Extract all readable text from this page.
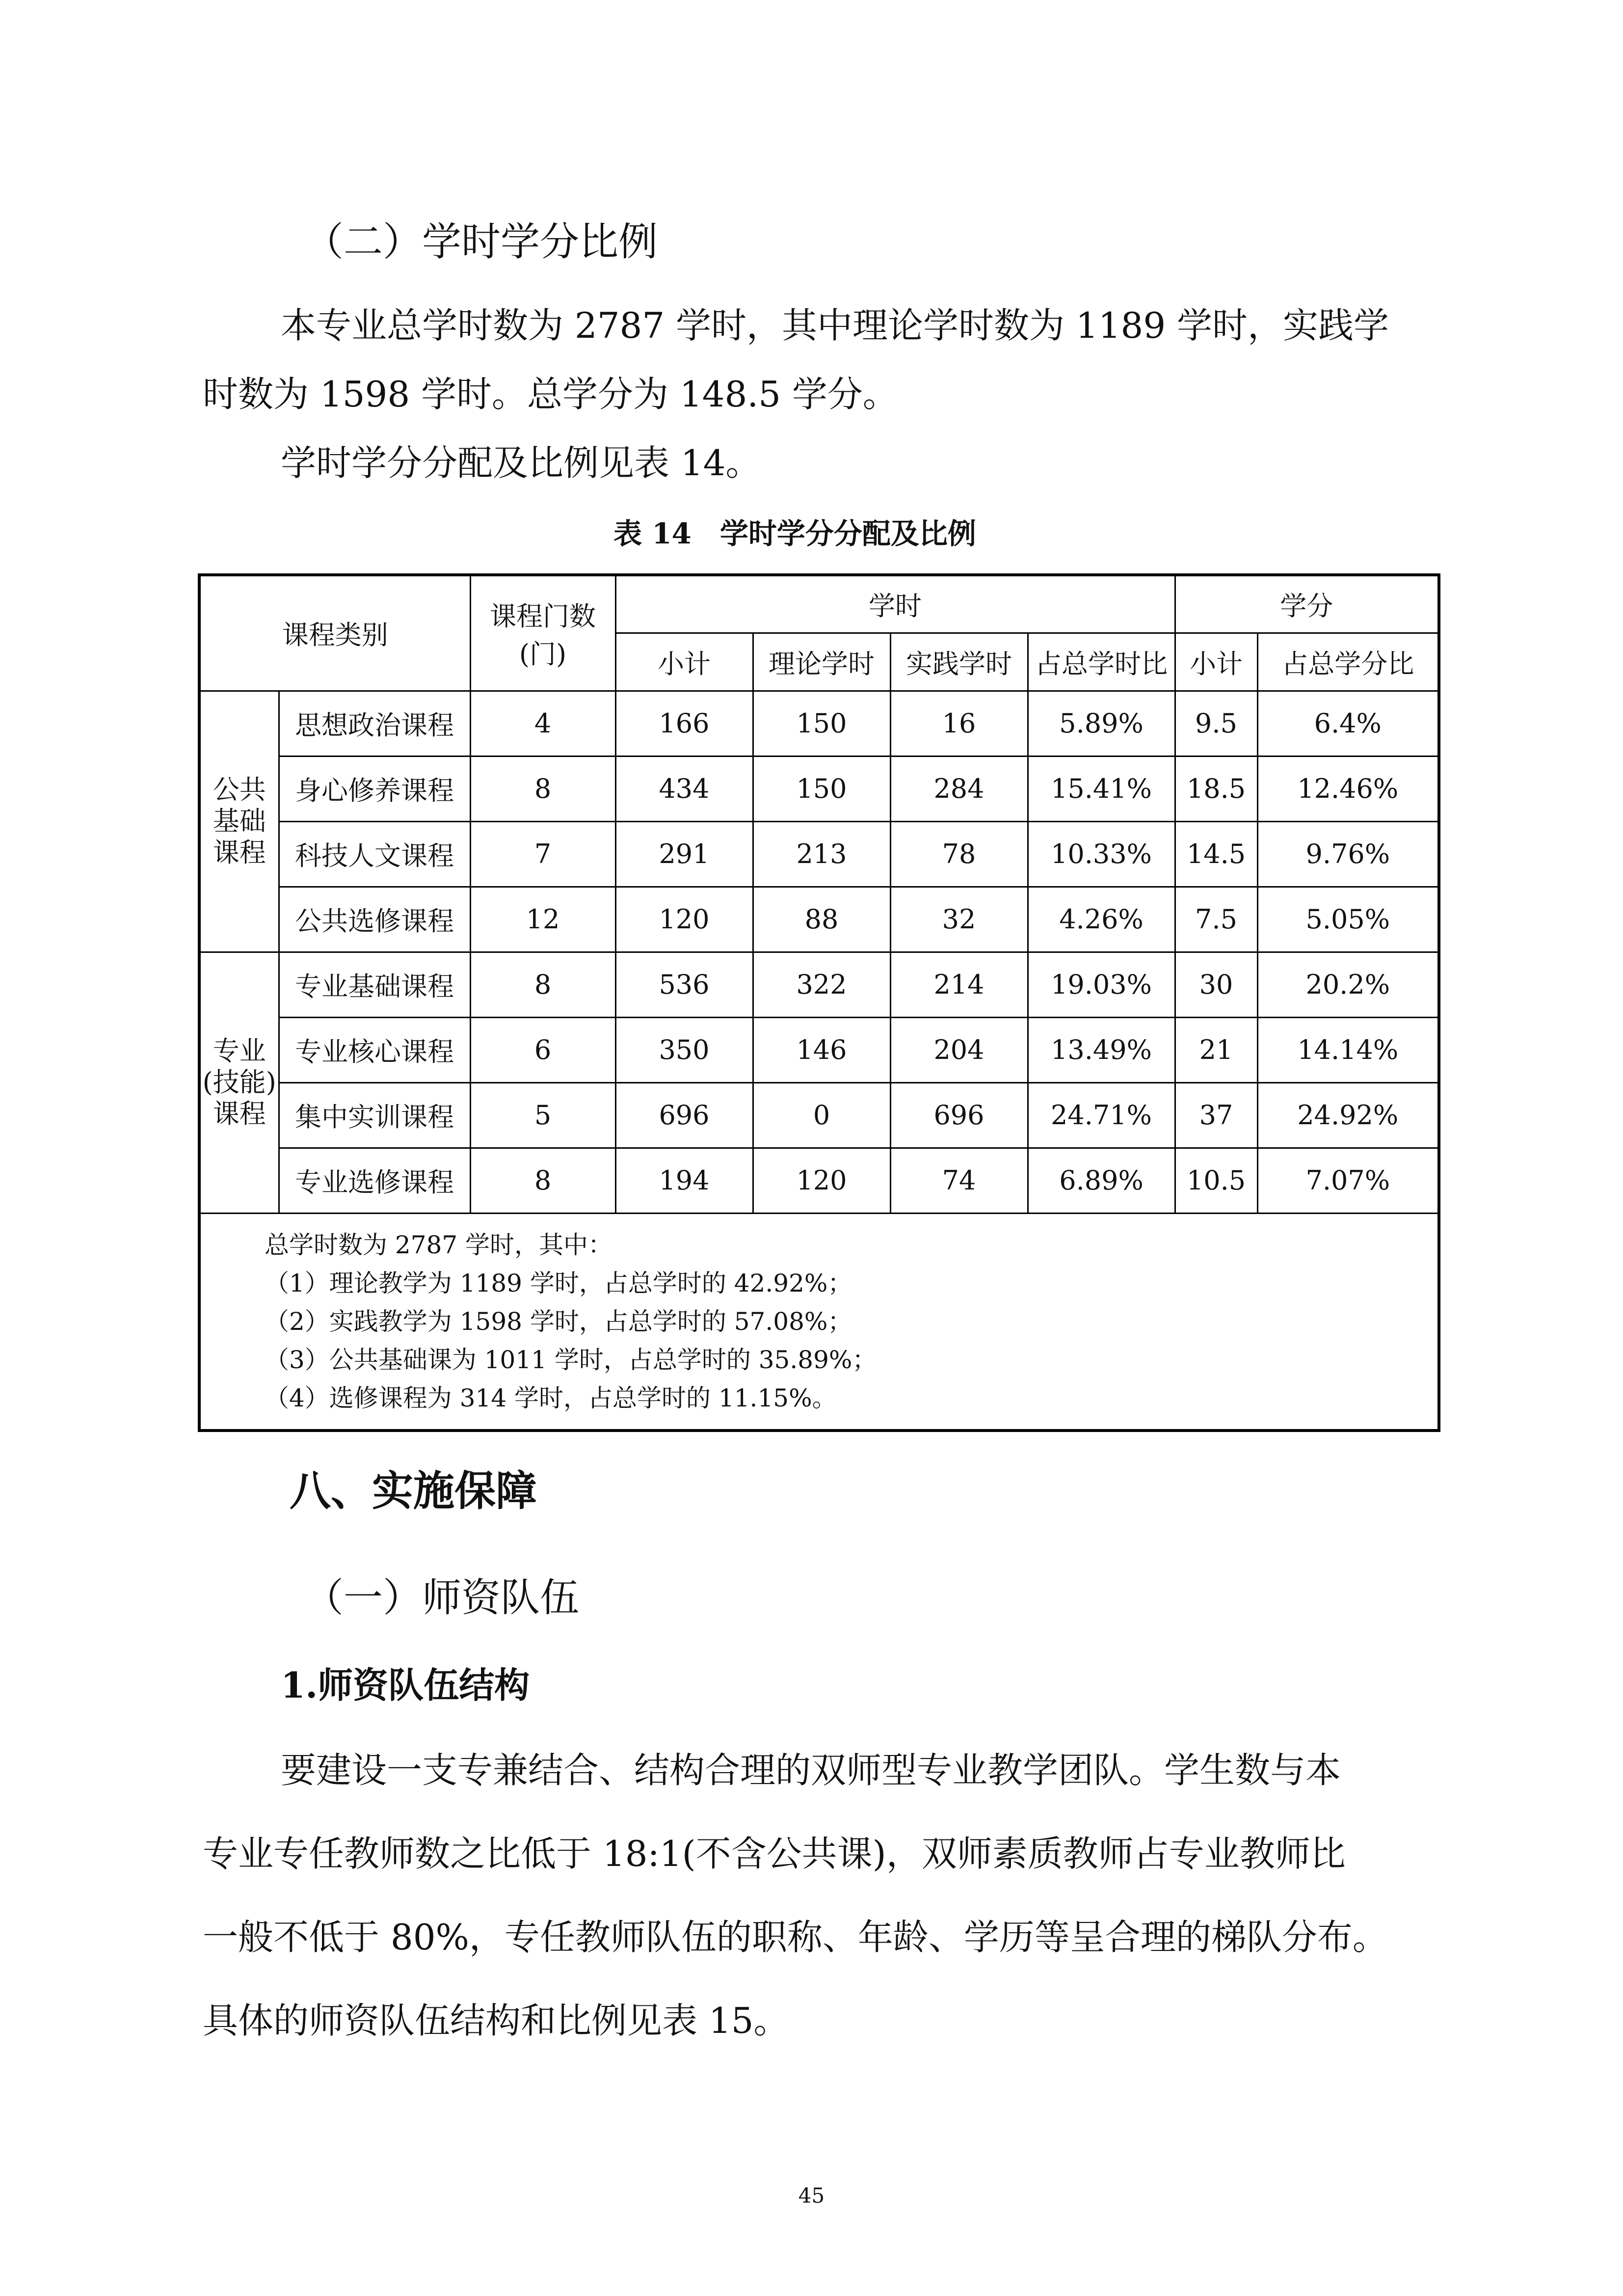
（二）学时学分比例
本专业总学时数为 2787 学时，其中理论学时数为 1189 学时，实践学
时数为 1598 学时。总学分为 148.5 学分。
学时学分分配及比例见表 14。
表 14　学时学分分配及比例
课程类别		课程门数(门)	学时				学分	
			小计	理论学时	实践学时	占总学时比	小计	占总学分比
公共基础课程	思想政治课程	4	166	150	16	5.89%	9.5	6.4%
	身心修养课程	8	434	150	284	15.41%	18.5	12.46%
	科技人文课程	7	291	213	78	10.33%	14.5	9.76%
	公共选修课程	12	120	88	32	4.26%	7.5	5.05%
专业(技能)课程	专业基础课程	8	536	322	214	19.03%	30	20.2%
	专业核心课程	6	350	146	204	13.49%	21	14.14%
	集中实训课程	5	696	0	696	24.71%	37	24.92%
	专业选修课程	8	194	120	74	6.89%	10.5	7.07%

总学时数为 2787 学时，其中：
（1）理论教学为 1189 学时，占总学时的 42.92%；
（2）实践教学为 1598 学时，占总学时的 57.08%；
（3）公共基础课为 1011 学时，占总学时的 35.89%；
（4）选修课程为 314 学时，占总学时的 11.15%。								
八、实施保障
（一）师资队伍
1.师资队伍结构
要建设一支专兼结合、结构合理的双师型专业教学团队。学生数与本
专业专任教师数之比低于 18:1(不含公共课)，双师素质教师占专业教师比
一般不低于 80%，专任教师队伍的职称、年龄、学历等呈合理的梯队分布。
具体的师资队伍结构和比例见表 15。
45
